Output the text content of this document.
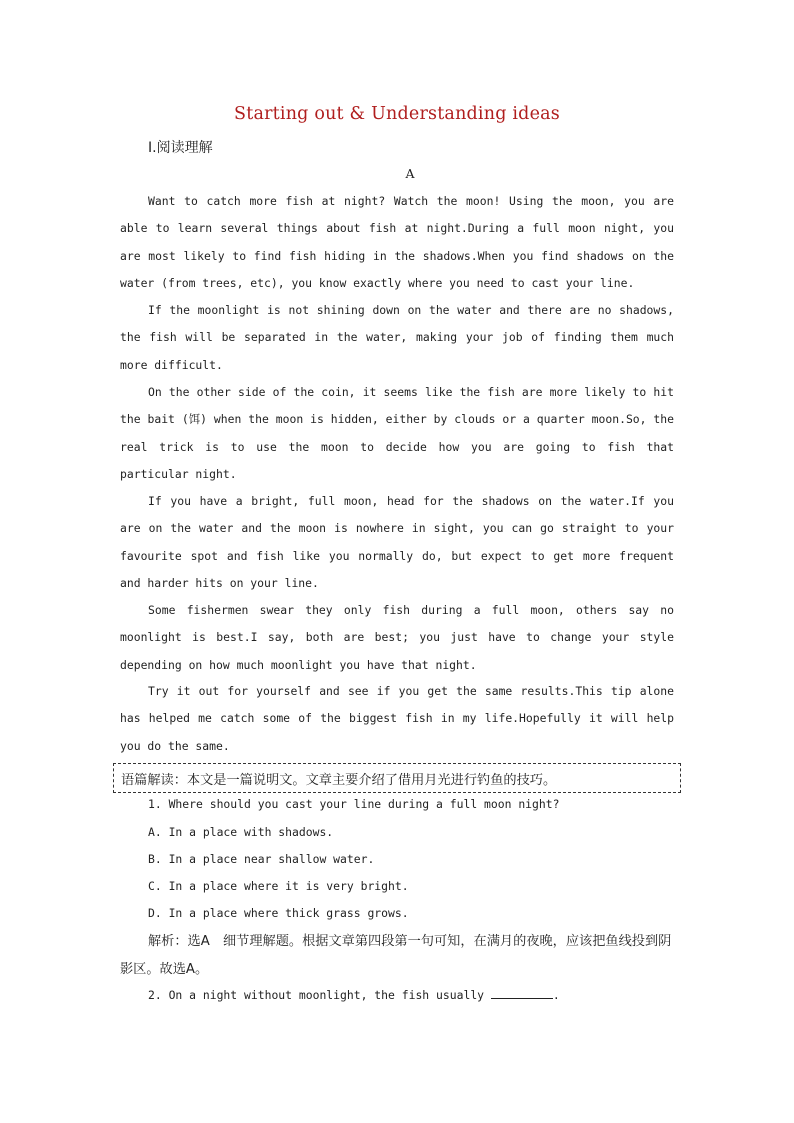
Starting out & Understanding ideas
Ⅰ.阅读理解
A

Want to catch more fish at night? Watch the moon! Using the moon, you are able to learn several things about fish at night.During a full moon night, you are most likely to find fish hiding in the shadows.When you find shadows on the water (from trees, etc), you know exactly where you need to cast your line.

If the moonlight is not shining down on the water and there are no shadows, the fish will be separated in the water, making your job of finding them much more difficult.

On the other side of the coin, it seems like the fish are more likely to hit the bait (饵) when the moon is hidden, either by clouds or a quarter moon.So, the real trick is to use the moon to decide how you are going to fish that particular night.

If you have a bright, full moon, head for the shadows on the water.If you are on the water and the moon is nowhere in sight, you can go straight to your favourite spot and fish like you normally do, but expect to get more frequent and harder hits on your line.

Some fishermen swear they only fish during a full moon, others say no moonlight is best.I say, both are best; you just have to change your style depending on how much moonlight you have that night.

Try it out for yourself and see if you get the same results.This tip alone has helped me catch some of the biggest fish in my life.Hopefully it will help you do the same.

语篇解读：本文是一篇说明文。文章主要介绍了借用月光进行钓鱼的技巧。
1. Where should you cast your line during a full moon night?
A. In a place with shadows.
B. In a place near shallow water.
C. In a place where it is very bright.
D. In a place where thick grass grows.

解析：选A　细节理解题。根据文章第四段第一句可知，在满月的夜晚，应该把鱼线投到阴影区。故选A。

2. On a night without moonlight, the fish usually	.
